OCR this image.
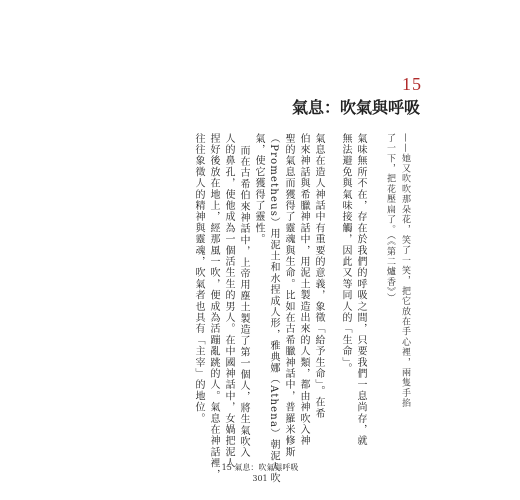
15
氣息：吹氣與呼吸
——她又吹吹那朵花，笑了一笑，把它放在手心裡，兩隻手掐
了一下，把花壓扁了。（《第二爐香》）
氣味無所不在，存在於我們的呼吸之間，只要我們一息尚存，就
無法避免與氣味接觸，因此又等同人的「生命」。
氣息在造人神話中有重要的意義，象徵「給予生命」。在希
伯來神話與希臘神話中，用泥土製造出來的人類，都由神吹入神
聖的氣息而獲得了靈魂與生命。比如在古希臘神話中，普羅米修斯
（Prometheus）用泥土和水捏成人形，雅典娜（Athena）朝泥人吹
氣，使它獲得了靈性。
而在古希伯來神話中，上帝用塵土製造了第一個人，將生氣吹入
人的鼻孔，使他成為一個活生生的男人。在中國神話中，女媧把泥人
捏好後放在地上，經那風一吹，便成為活蹦亂跳的人。氣息在神話裡，
往往象徵人的精神與靈魂，吹氣者也具有「主宰」的地位。
15 氣息：吹氣與呼吸
301
